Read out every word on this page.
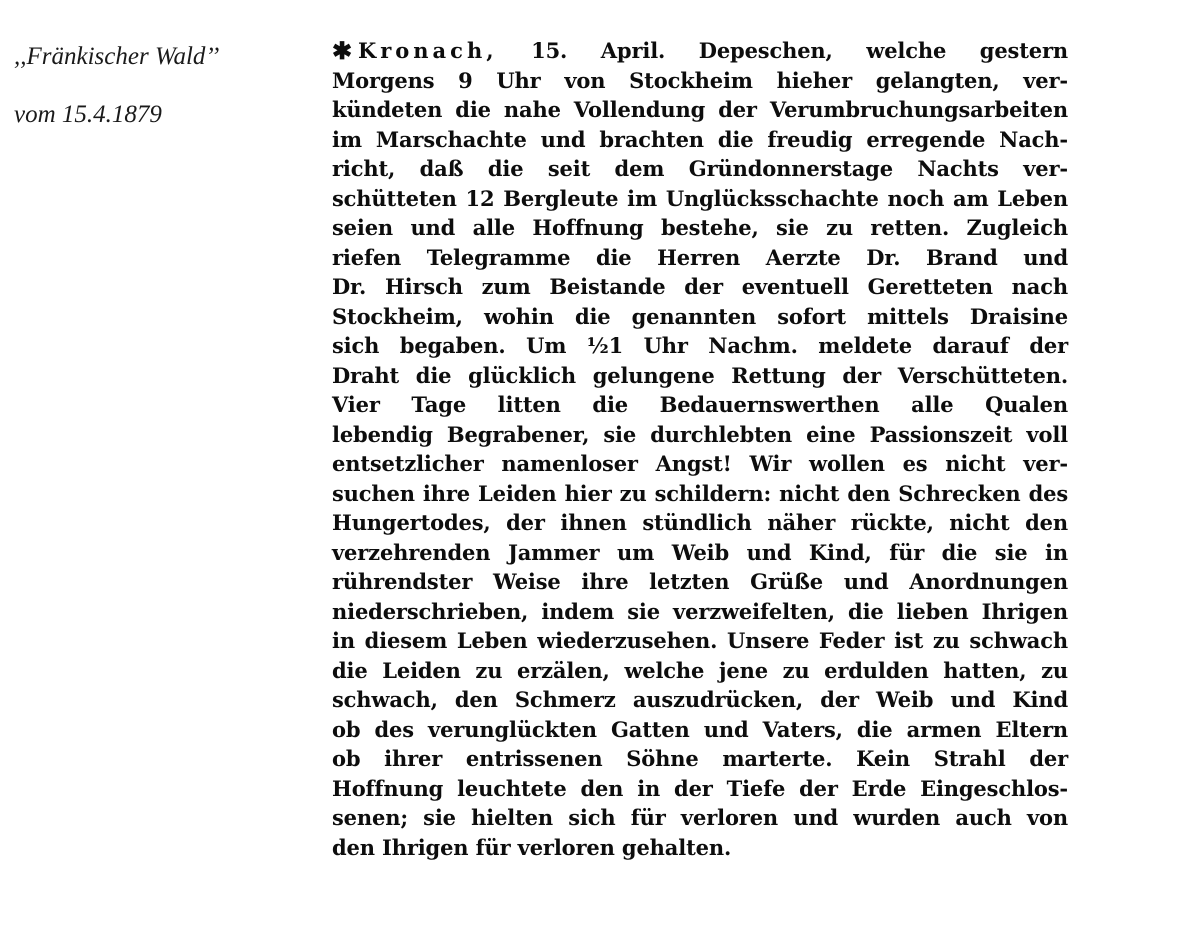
,,Fränkischer Wald’’
vom 15.4.1879
✱ Kronach, 15. April. Depeschen, welche gestern
Morgens 9 Uhr von Stockheim hieher gelangten, ver-
kündeten die nahe Vollendung der Verumbruchungsarbeiten
im Marschachte und brachten die freudig erregende Nach-
richt, daß die seit dem Gründonnerstage Nachts ver-
schütteten 12 Bergleute im Unglücksschachte noch am Leben
seien und alle Hoffnung bestehe, sie zu retten. Zugleich
riefen Telegramme die Herren Aerzte Dr. Brand und
Dr. Hirsch zum Beistande der eventuell Geretteten nach
Stockheim, wohin die genannten sofort mittels Draisine
sich begaben. Um ½1 Uhr Nachm. meldete darauf der
Draht die glücklich gelungene Rettung der Verschütteten.
Vier Tage litten die Bedauernswerthen alle Qualen
lebendig Begrabener, sie durchlebten eine Passionszeit voll
entsetzlicher namenloser Angst! Wir wollen es nicht ver-
suchen ihre Leiden hier zu schildern: nicht den Schrecken des
Hungertodes, der ihnen stündlich näher rückte, nicht den
verzehrenden Jammer um Weib und Kind, für die sie in
rührendster Weise ihre letzten Grüße und Anordnungen
niederschrieben, indem sie verzweifelten, die lieben Ihrigen
in diesem Leben wiederzusehen. Unsere Feder ist zu schwach
die Leiden zu erzälen, welche jene zu erdulden hatten, zu
schwach, den Schmerz auszudrücken, der Weib und Kind
ob des verunglückten Gatten und Vaters, die armen Eltern
ob ihrer entrissenen Söhne marterte. Kein Strahl der
Hoffnung leuchtete den in der Tiefe der Erde Eingeschlos-
senen; sie hielten sich für verloren und wurden auch von
den Ihrigen für verloren gehalten.
